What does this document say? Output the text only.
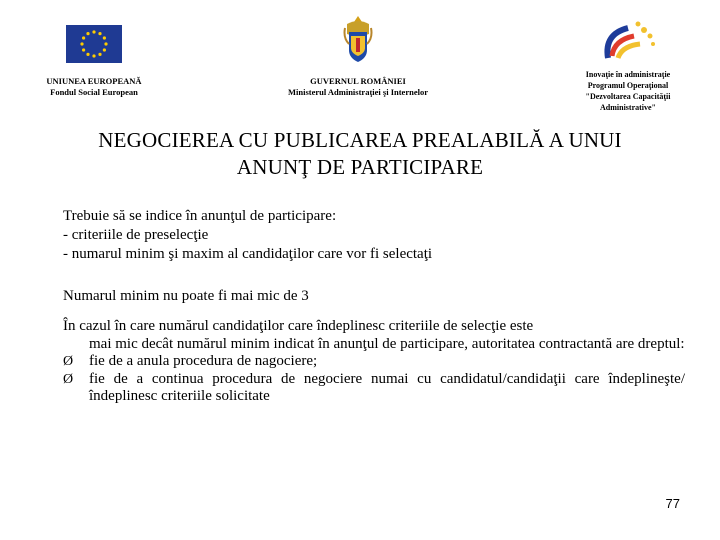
UNIUNEA EUROPEANĂ
Fondul Social European
GUVERNUL ROMÂNIEI
Ministerul Administraţiei şi Internelor
Inovaţie în administraţie
Programul Operaţional
"Dezvoltarea Capacităţii
Administrative"
NEGOCIEREA CU PUBLICAREA PREALABILĂ A UNUI
ANUNŢ DE PARTICIPARE
Trebuie să se indice în anunţul de participare:
- criteriile de preselecţie
- numarul minim şi maxim al candidaţilor care vor fi selectaţi
Numarul minim nu poate fi mai mic de 3
În cazul în care numărul candidaţilor care îndeplinesc criteriile de selecţie este
mai mic decât numărul minim indicat în anunţul de participare, autoritatea contractantă are dreptul:
Ø	fie de a anula procedura de nagociere;
Ø	fie de a continua procedura de negociere numai cu candidatul/candidaţii care îndeplineşte/îndeplinesc criteriile solicitate
77
